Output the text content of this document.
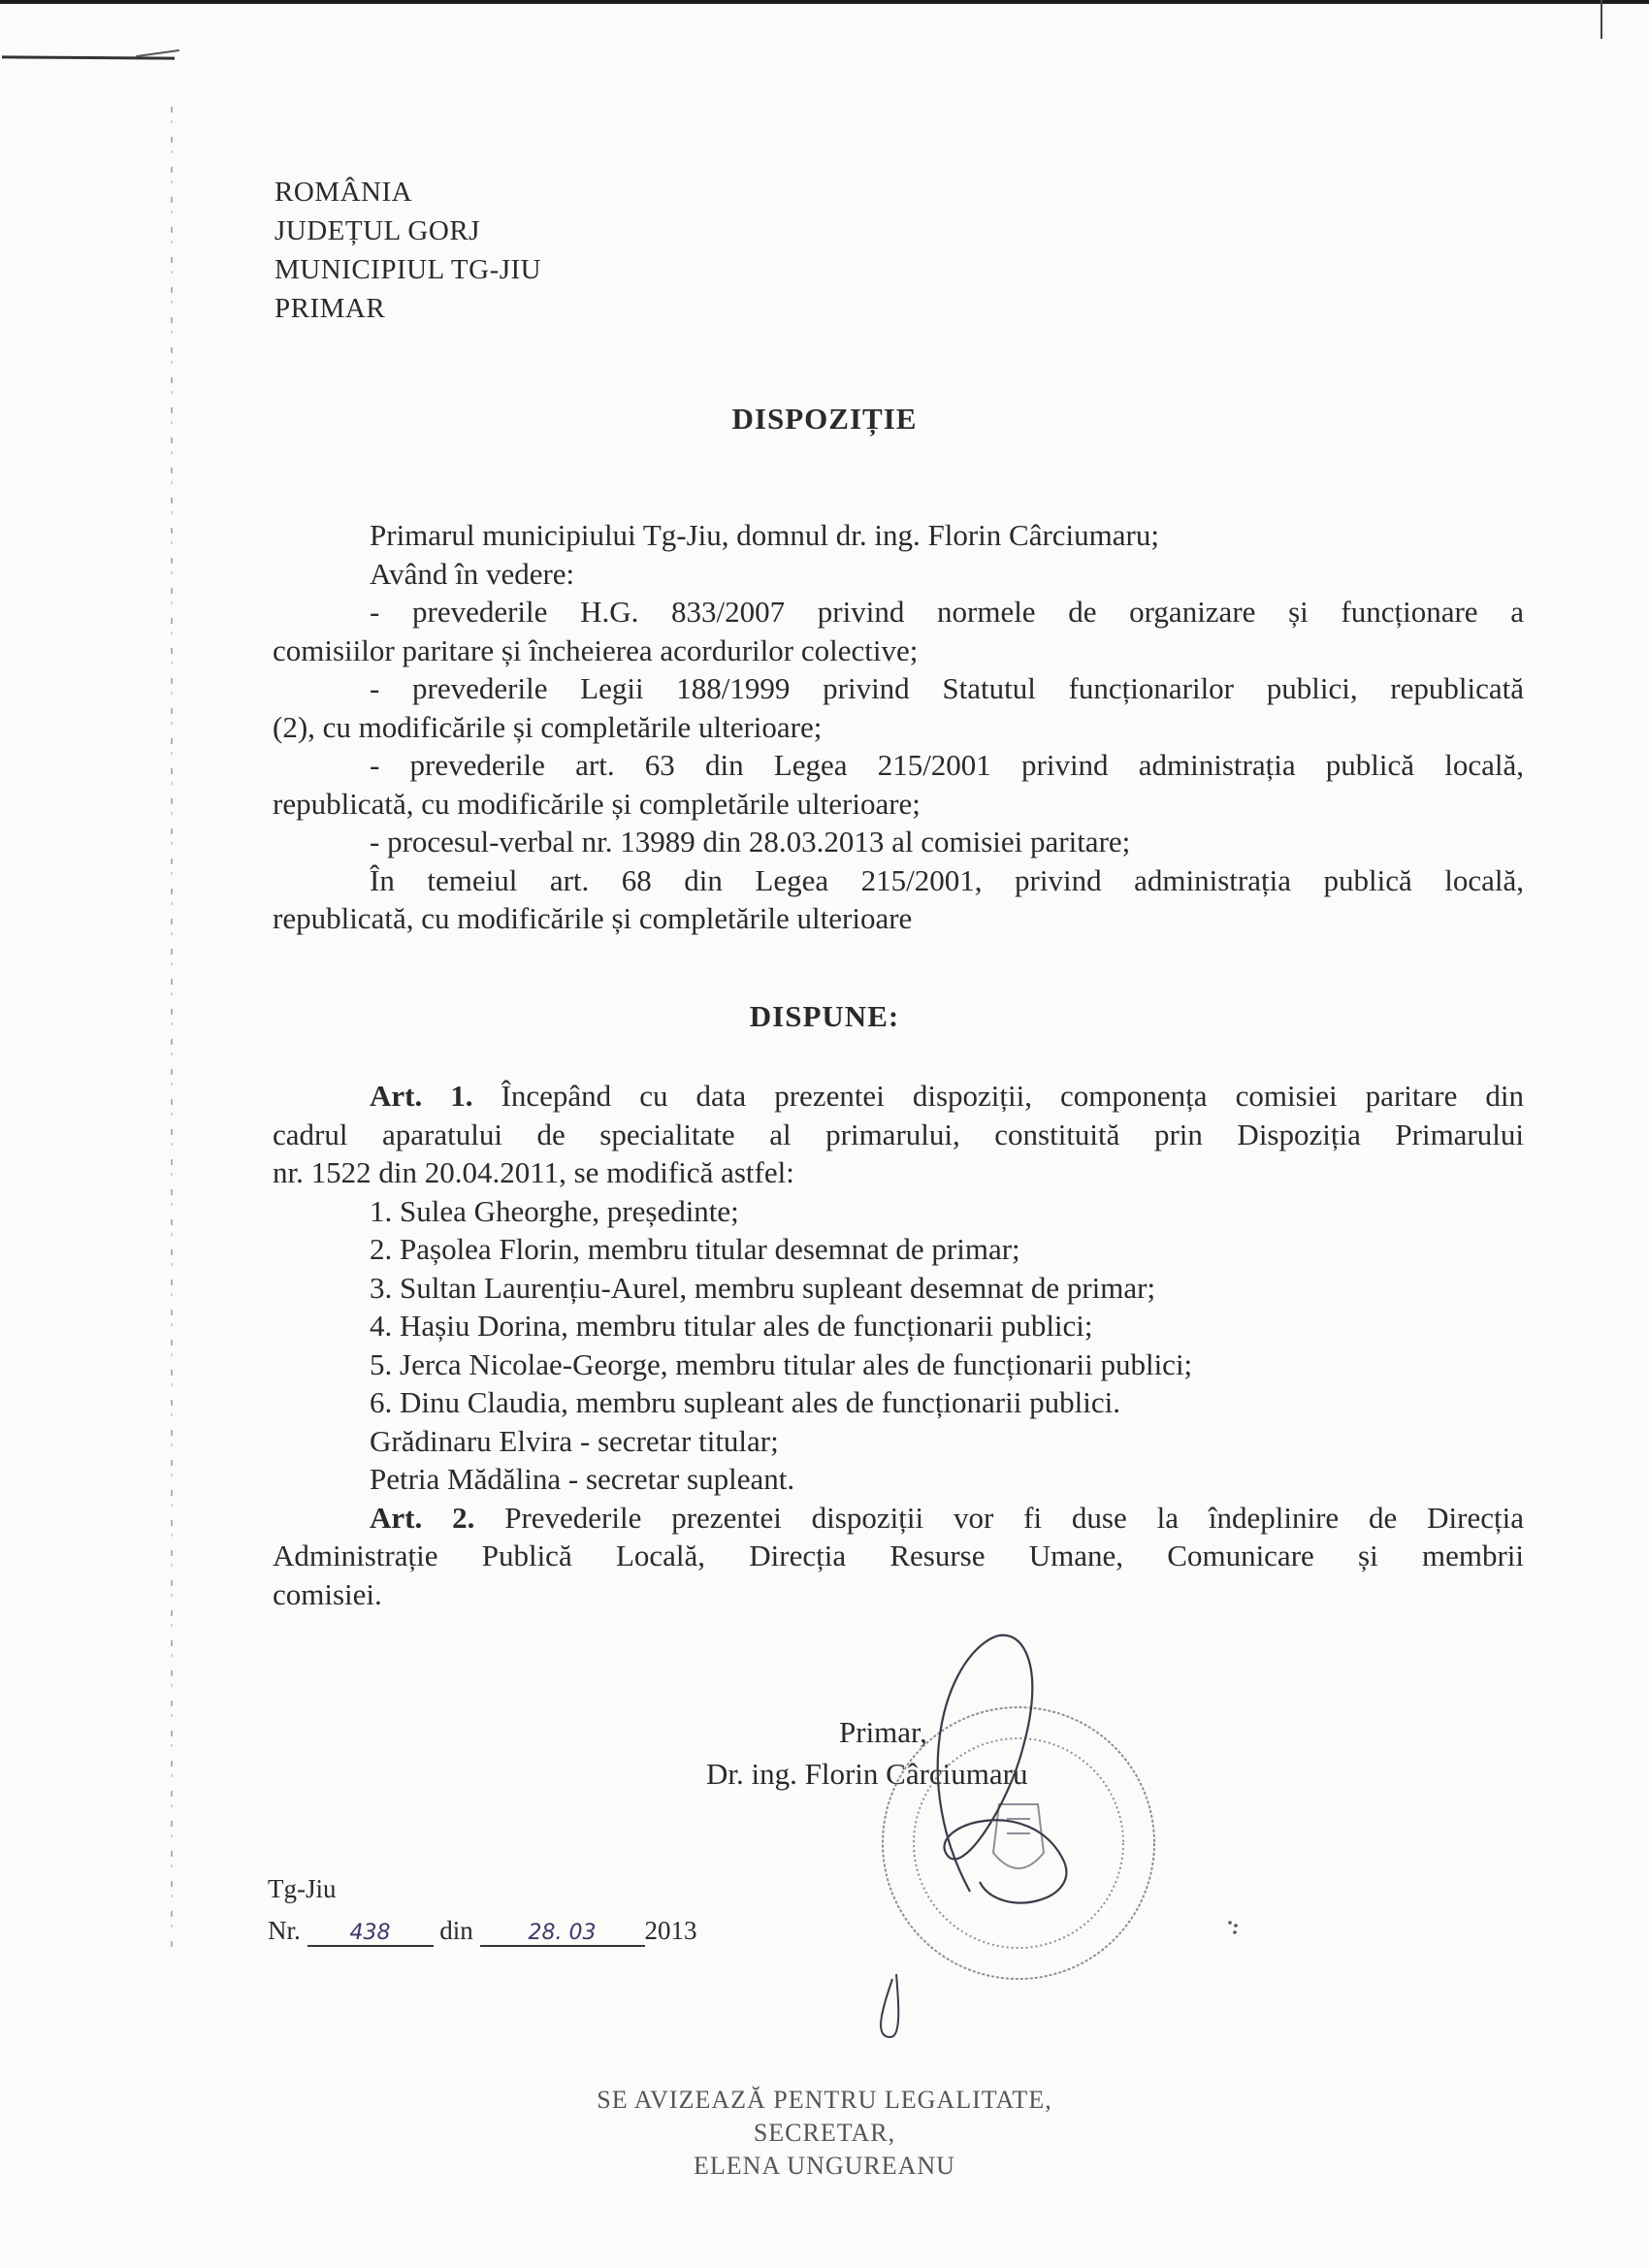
ROMÂNIA
JUDEȚUL GORJ
MUNICIPIUL TG-JIU
PRIMAR
DISPOZIȚIE
Primarul municipiului Tg-Jiu, domnul dr. ing. Florin Cârciumaru;
Având în vedere:
- prevederile H.G. 833/2007 privind normele de organizare și funcționare a
comisiilor paritare și încheierea acordurilor colective;
- prevederile Legii 188/1999 privind Statutul funcționarilor publici, republicată
(2), cu modificările și completările ulterioare;
- prevederile art. 63 din Legea 215/2001 privind administrația publică locală,
republicată, cu modificările și completările ulterioare;
- procesul-verbal nr. 13989 din 28.03.2013 al comisiei paritare;
În temeiul art. 68 din Legea 215/2001, privind administrația publică locală,
republicată, cu modificările și completările ulterioare
DISPUNE:
Art. 1. Începând cu data prezentei dispoziții, componența comisiei paritare din
cadrul aparatului de specialitate al primarului, constituită prin Dispoziția Primarului
nr. 1522 din 20.04.2011, se modifică astfel:
1. Sulea Gheorghe, președinte;
2. Pașolea Florin, membru titular desemnat de primar;
3. Sultan Laurențiu-Aurel, membru supleant desemnat de primar;
4. Hașiu Dorina, membru titular ales de funcționarii publici;
5. Jerca Nicolae-George, membru titular ales de funcționarii publici;
6. Dinu Claudia, membru supleant ales de funcționarii publici.
Grădinaru Elvira - secretar titular;
Petria Mădălina - secretar supleant.
Art. 2. Prevederile prezentei dispoziții vor fi duse la îndeplinire de Direcția
Administrație Publică Locală, Direcția Resurse Umane, Comunicare și membrii
comisiei.
Primar,
Dr. ing. Florin Cârciumaru
Tg-Jiu
Nr. 438 din	28. 03 2013
SE AVIZEAZĂ PENTRU LEGALITATE,
SECRETAR,
ELENA UNGUREANU
